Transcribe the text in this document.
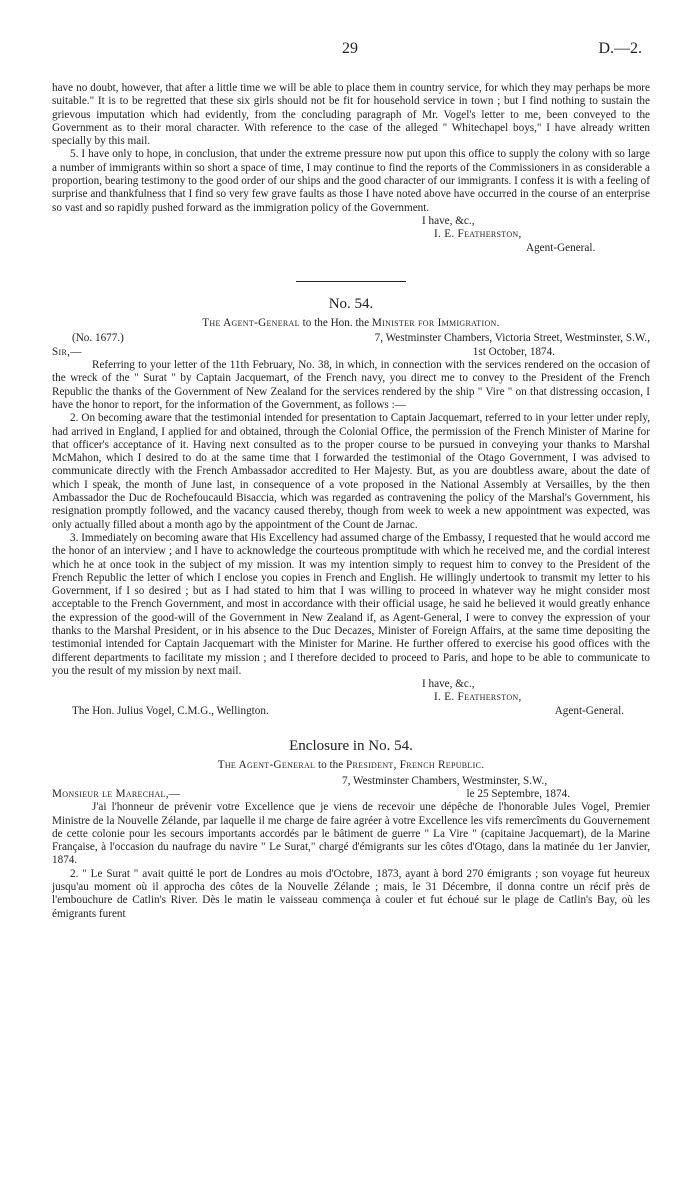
29	D.—2.

have no doubt, however, that after a little time we will be able to place them in country service, for which they may perhaps be more suitable." It is to be regretted that these six girls should not be fit for household service in town ; but I find nothing to sustain the grievous imputation which had evidently, from the concluding paragraph of Mr. Vogel's letter to me, been conveyed to the Government as to their moral character. With reference to the case of the alleged " Whitechapel boys," I have already written specially by this mail.

5. I have only to hope, in conclusion, that under the extreme pressure now put upon this office to supply the colony with so large a number of immigrants within so short a space of time, I may continue to find the reports of the Commissioners in as considerable a proportion, bearing testimony to the good order of our ships and the good character of our immigrants. I confess it is with a feeling of surprise and thankfulness that I find so very few grave faults as those I have noted above have occurred in the course of an enterprise so vast and so rapidly pushed forward as the immigration policy of the Government.

I have, &c.,
I. E. Featherston,
Agent-General.
No. 54.
The Agent-General to the Hon. the Minister for Immigration.
(No. 1677.)	7, Westminster Chambers, Victoria Street, Westminster, S.W.,
Sir,—	1st October, 1874.

Referring to your letter of the 11th February, No. 38, in which, in connection with the services rendered on the occasion of the wreck of the " Surat " by Captain Jacquemart, of the French navy, you direct me to convey to the President of the French Republic the thanks of the Government of New Zealand for the services rendered by the ship " Vire " on that distressing occasion, I have the honor to report, for the information of the Government, as follows :—

2. On becoming aware that the testimonial intended for presentation to Captain Jacquemart, referred to in your letter under reply, had arrived in England, I applied for and obtained, through the Colonial Office, the permission of the French Minister of Marine for that officer's acceptance of it. Having next consulted as to the proper course to be pursued in conveying your thanks to Marshal McMahon, which I desired to do at the same time that I forwarded the testimonial of the Otago Government, I was advised to communicate directly with the French Ambassador accredited to Her Majesty. But, as you are doubtless aware, about the date of which I speak, the month of June last, in consequence of a vote proposed in the National Assembly at Versailles, by the then Ambassador the Duc de Rochefoucauld Bisaccia, which was regarded as contravening the policy of the Marshal's Government, his resignation promptly followed, and the vacancy caused thereby, though from week to week a new appointment was expected, was only actually filled about a month ago by the appointment of the Count de Jarnac.

3. Immediately on becoming aware that His Excellency had assumed charge of the Embassy, I requested that he would accord me the honor of an interview ; and I have to acknowledge the courteous promptitude with which he received me, and the cordial interest which he at once took in the subject of my mission. It was my intention simply to request him to convey to the President of the French Republic the letter of which I enclose you copies in French and English. He willingly undertook to transmit my letter to his Government, if I so desired ; but as I had stated to him that I was willing to proceed in whatever way he might consider most acceptable to the French Government, and most in accordance with their official usage, he said he believed it would greatly enhance the expression of the good-will of the Government in New Zealand if, as Agent-General, I were to convey the expression of your thanks to the Marshal President, or in his absence to the Duc Decazes, Minister of Foreign Affairs, at the same time depositing the testimonial intended for Captain Jacquemart with the Minister for Marine. He further offered to exercise his good offices with the different departments to facilitate my mission ; and I therefore decided to proceed to Paris, and hope to be able to communicate to you the result of my mission by next mail.

I have, &c.,
I. E. Featherston,
The Hon. Julius Vogel, C.M.G., Wellington.	Agent-General.
Enclosure in No. 54.
The Agent-General to the President, French Republic.
7, Westminster Chambers, Westminster, S.W.,
Monsieur le Marechal,—	le 25 Septembre, 1874.

J'ai l'honneur de prévenir votre Excellence que je viens de recevoir une dépêche de l'honorable Jules Vogel, Premier Ministre de la Nouvelle Zélande, par laquelle il me charge de faire agréer à votre Excellence les vifs remercîments du Gouvernement de cette colonie pour les secours importants accordés par le bâtiment de guerre " La Vire " (capitaine Jacquemart), de la Marine Française, à l'occasion du naufrage du navire " Le Surat," chargé d'émigrants sur les côtes d'Otago, dans la matinée du 1er Janvier, 1874.

2. " Le Surat " avait quitté le port de Londres au mois d'Octobre, 1873, ayant à bord 270 émigrants ; son voyage fut heureux jusqu'au moment où il approcha des côtes de la Nouvelle Zélande ; mais, le 31 Décembre, il donna contre un récif près de l'embouchure de Catlin's River. Dès le matin le vaisseau commença à couler et fut échoué sur le plage de Catlin's Bay, où les émigrants furent
